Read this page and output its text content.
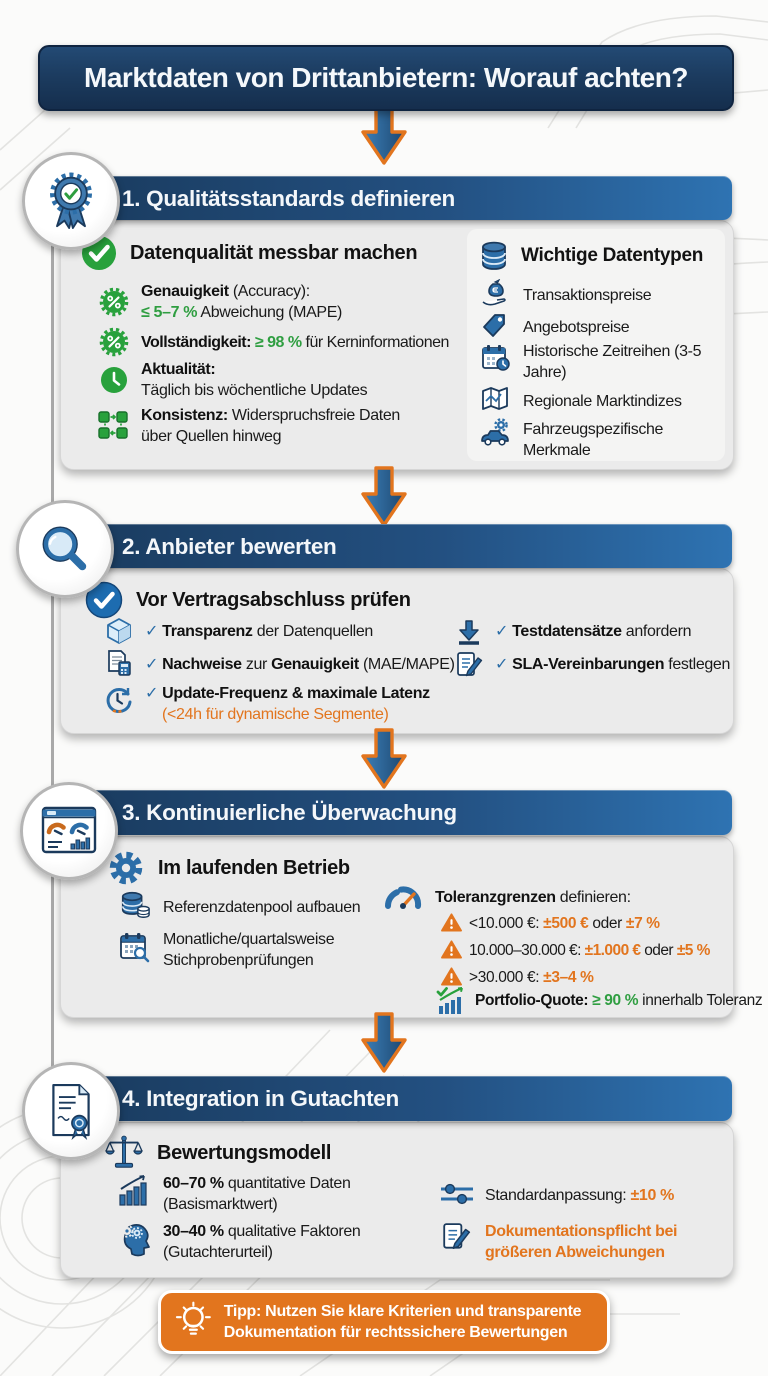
Marktdaten von Drittanbietern: Worauf achten?
1. Qualitätsstandards definieren
Datenqualität messbar machen
Genauigkeit (Accuracy):
≤ 5–7 % Abweichung (MAPE)
Vollständigkeit: ≥ 98 % für Kerninformationen
Aktualität:
Täglich bis wöchentliche Updates
Konsistenz: Widerspruchsfreie Daten über Quellen hinweg
Wichtige Datentypen
Transaktionspreise
Angebotspreise
Historische Zeitreihen (3-5 Jahre)
Regionale Marktindizes
Fahrzeugspezifische Merkmale
2. Anbieter bewerten
Vor Vertragsabschluss prüfen
✓ Transparenz der Datenquellen
✓ Nachweise zur Genauigkeit (MAE/MAPE)
✓ Update-Frequenz & maximale Latenz
(<24h für dynamische Segmente)
✓ Testdatensätze anfordern
✓ SLA-Vereinbarungen festlegen
3. Kontinuierliche Überwachung
Im laufenden Betrieb
Referenzdatenpool aufbauen
Monatliche/quartalsweise Stichprobenprüfungen
Toleranzgrenzen definieren:
<10.000 €: ±500 € oder ±7 %
10.000–30.000 €: ±1.000 € oder ±5 %
>30.000 €: ±3–4 %
Portfolio-Quote: ≥ 90 % innerhalb Toleranz
4. Integration in Gutachten
Bewertungsmodell
60–70 % quantitative Daten
(Basismarktwert)
30–40 % qualitative Faktoren
(Gutachterurteil)
Standardanpassung: ±10 %
Dokumentationspflicht bei größeren Abweichungen
Tipp: Nutzen Sie klare Kriterien und transparente Dokumentation für rechtssichere Bewertungen
